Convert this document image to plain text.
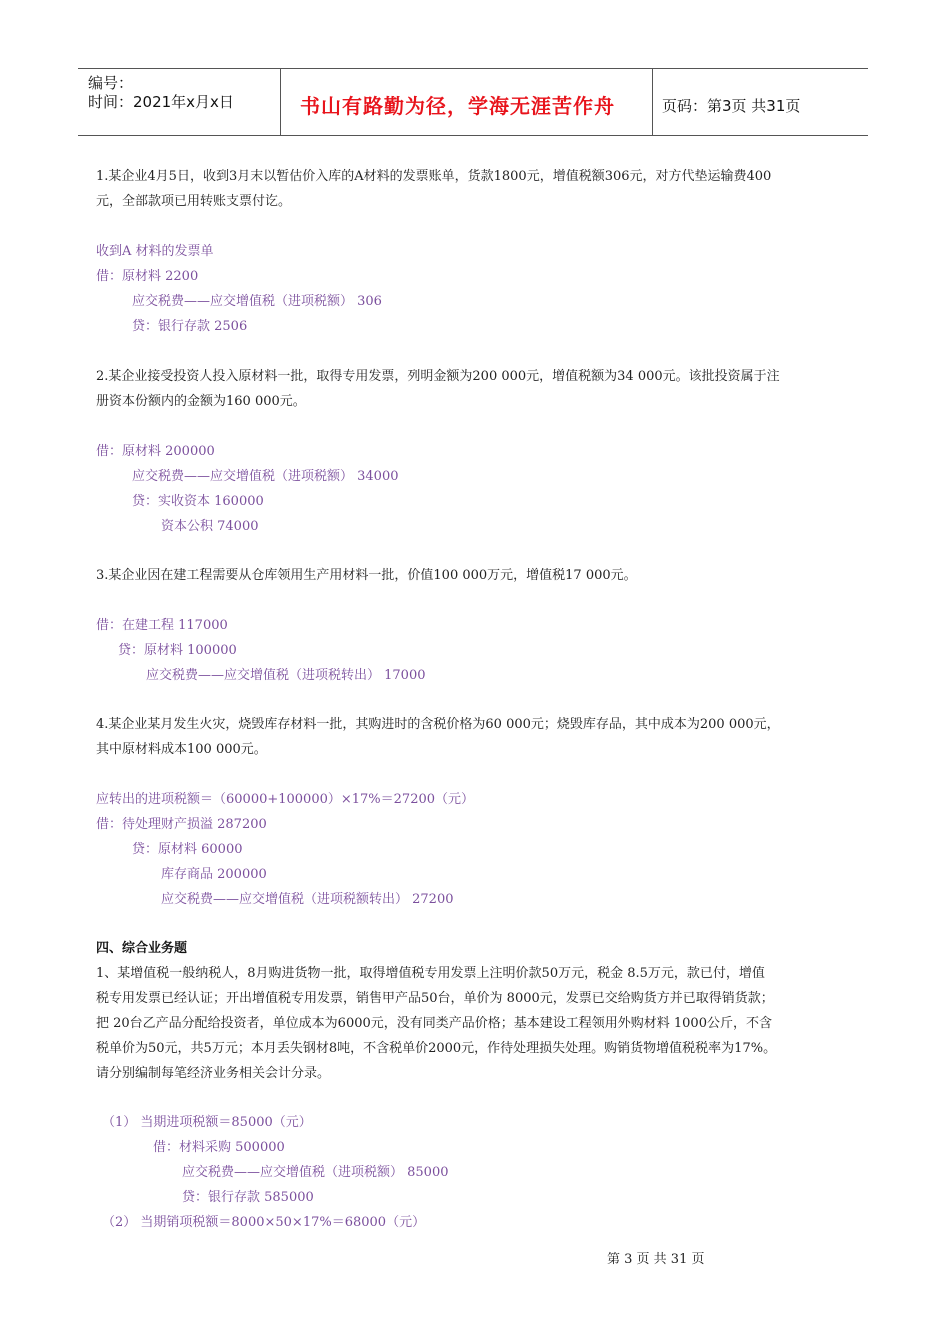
编号：
时间：2021年x月x日	书山有路勤为径，学海无涯苦作舟	页码：第3页 共31页
1.某企业4月5日，收到3月末以暂估价入库的A材料的发票账单，货款1800元，增值税额306元，对方代垫运输费400
元，全部款项已用转账支票付讫。
收到A 材料的发票单
借：原材料 2200
应交税费——应交增值税（进项税额） 306
贷：银行存款 2506
2.某企业接受投资人投入原材料一批，取得专用发票，列明金额为200 000元，增值税额为34 000元。该批投资属于注
册资本份额内的金额为160 000元。
借：原材料 200000
应交税费——应交增值税（进项税额） 34000
贷：实收资本 160000
资本公积 74000
3.某企业因在建工程需要从仓库领用生产用材料一批，价值100 000万元，增值税17 000元。
借：在建工程 117000
贷：原材料 100000
应交税费——应交增值税（进项税转出） 17000
4.某企业某月发生火灾，烧毁库存材料一批，其购进时的含税价格为60 000元；烧毁库存品，其中成本为200 000元，
其中原材料成本100 000元。
应转出的进项税额＝（60000+100000）×17%＝27200（元）
借：待处理财产损溢 287200
贷：原材料 60000
库存商品 200000
应交税费——应交增值税（进项税额转出） 27200
四、综合业务题
1、某增值税一般纳税人，8月购进货物一批，取得增值税专用发票上注明价款50万元，税金 8.5万元，款已付，增值
税专用发票已经认证；开出增值税专用发票，销售甲产品50台，单价为 8000元，发票已交给购货方并已取得销货款；
把 20台乙产品分配给投资者，单位成本为6000元，没有同类产品价格；基本建设工程领用外购材料 1000公斤，不含
税单价为50元，共5万元；本月丢失钢材8吨，不含税单价2000元，作待处理损失处理。购销货物增值税税率为17%。
请分别编制每笔经济业务相关会计分录。
（1） 当期进项税额＝85000（元）
借：材料采购 500000
应交税费——应交增值税（进项税额） 85000
贷：银行存款 585000
（2） 当期销项税额＝8000×50×17%＝68000（元）
第 3 页 共 31 页
